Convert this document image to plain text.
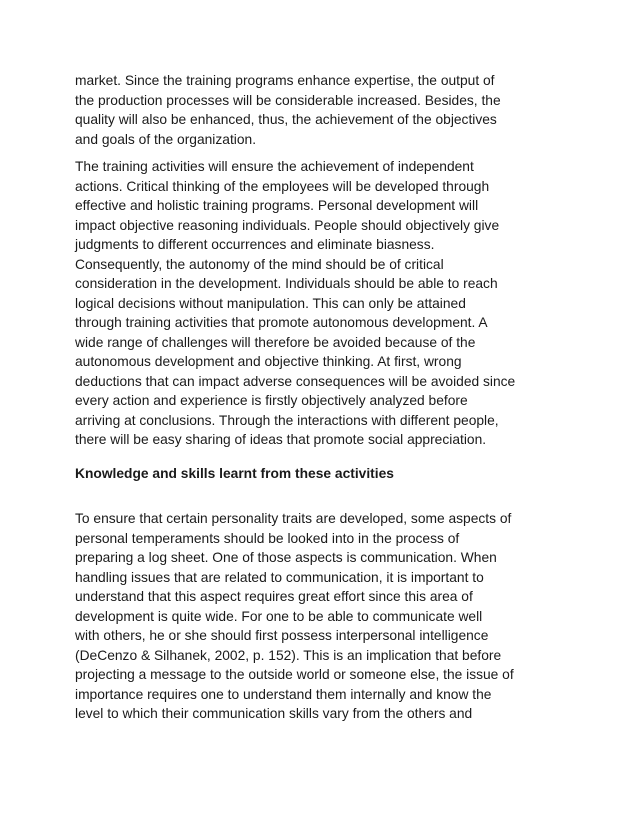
market. Since the training programs enhance expertise, the output of
the production processes will be considerable increased. Besides, the
quality will also be enhanced, thus, the achievement of the objectives
and goals of the organization.

The training activities will ensure the achievement of independent
actions. Critical thinking of the employees will be developed through
effective and holistic training programs. Personal development will
impact objective reasoning individuals. People should objectively give
judgments to different occurrences and eliminate biasness.
Consequently, the autonomy of the mind should be of critical
consideration in the development. Individuals should be able to reach
logical decisions without manipulation. This can only be attained
through training activities that promote autonomous development. A
wide range of challenges will therefore be avoided because of the
autonomous development and objective thinking. At first, wrong
deductions that can impact adverse consequences will be avoided since
every action and experience is firstly objectively analyzed before
arriving at conclusions. Through the interactions with different people,
there will be easy sharing of ideas that promote social appreciation.

Knowledge and skills learnt from these activities

To ensure that certain personality traits are developed, some aspects of
personal temperaments should be looked into in the process of
preparing a log sheet. One of those aspects is communication. When
handling issues that are related to communication, it is important to
understand that this aspect requires great effort since this area of
development is quite wide. For one to be able to communicate well
with others, he or she should first possess interpersonal intelligence
(DeCenzo & Silhanek, 2002, p. 152). This is an implication that before
projecting a message to the outside world or someone else, the issue of
importance requires one to understand them internally and know the
level to which their communication skills vary from the others and
